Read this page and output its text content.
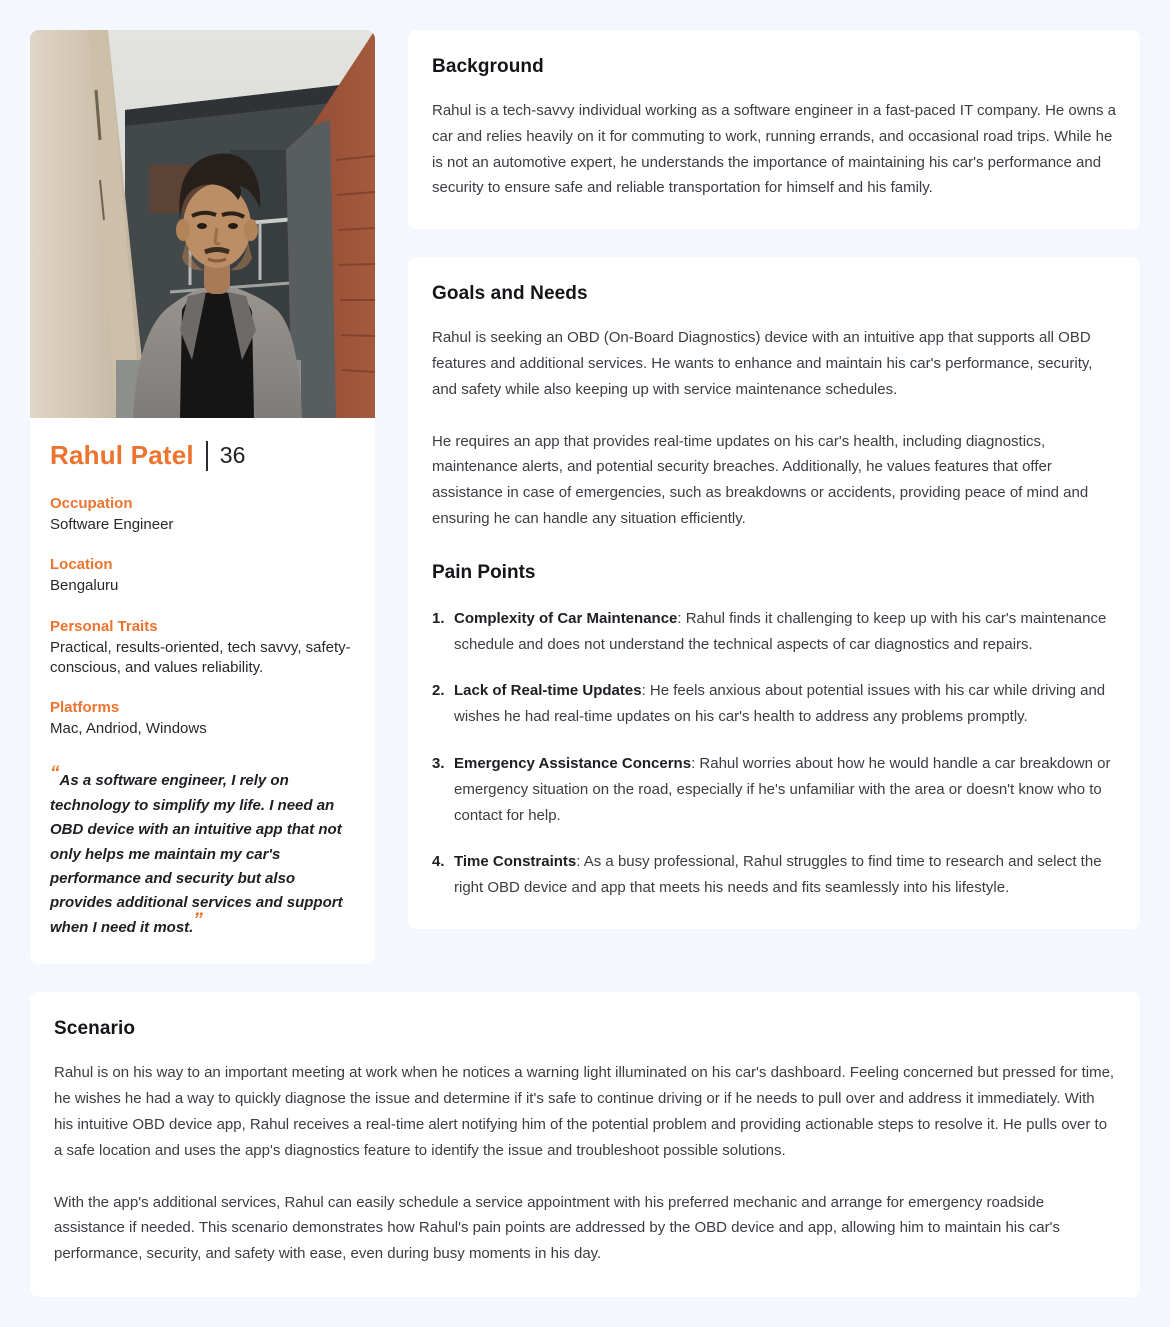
Rahul Patel 36
Occupation
Software Engineer
Location
Bengaluru
Personal Traits
Practical, results-oriented, tech savvy, safety-conscious, and values reliability.
Platforms
Mac, Andriod, Windows

“As a software engineer, I rely on technology to simplify my life. I need an OBD device with an intuitive app that not only helps me maintain my car's performance and security but also provides additional services and support when I need it most.”

Background

Rahul is a tech-savvy individual working as a software engineer in a fast-paced IT company. He owns a car and relies heavily on it for commuting to work, running errands, and occasional road trips. While he is not an automotive expert, he understands the importance of maintaining his car's performance and security to ensure safe and reliable transportation for himself and his family.

Goals and Needs

Rahul is seeking an OBD (On-Board Diagnostics) device with an intuitive app that supports all OBD features and additional services. He wants to enhance and maintain his car's performance, security, and safety while also keeping up with service maintenance schedules.

He requires an app that provides real-time updates on his car's health, including diagnostics, maintenance alerts, and potential security breaches. Additionally, he values features that offer assistance in case of emergencies, such as breakdowns or accidents, providing peace of mind and ensuring he can handle any situation efficiently.

Pain Points
1. Complexity of Car Maintenance: Rahul finds it challenging to keep up with his car's maintenance schedule and does not understand the technical aspects of car diagnostics and repairs.
2. Lack of Real-time Updates: He feels anxious about potential issues with his car while driving and wishes he had real-time updates on his car's health to address any problems promptly.
3. Emergency Assistance Concerns: Rahul worries about how he would handle a car breakdown or emergency situation on the road, especially if he's unfamiliar with the area or doesn't know who to contact for help.
4. Time Constraints: As a busy professional, Rahul struggles to find time to research and select the right OBD device and app that meets his needs and fits seamlessly into his lifestyle.
Scenario

Rahul is on his way to an important meeting at work when he notices a warning light illuminated on his car's dashboard. Feeling concerned but pressed for time, he wishes he had a way to quickly diagnose the issue and determine if it's safe to continue driving or if he needs to pull over and address it immediately. With his intuitive OBD device app, Rahul receives a real-time alert notifying him of the potential problem and providing actionable steps to resolve it. He pulls over to a safe location and uses the app's diagnostics feature to identify the issue and troubleshoot possible solutions.

With the app's additional services, Rahul can easily schedule a service appointment with his preferred mechanic and arrange for emergency roadside assistance if needed. This scenario demonstrates how Rahul's pain points are addressed by the OBD device and app, allowing him to maintain his car's performance, security, and safety with ease, even during busy moments in his day.
